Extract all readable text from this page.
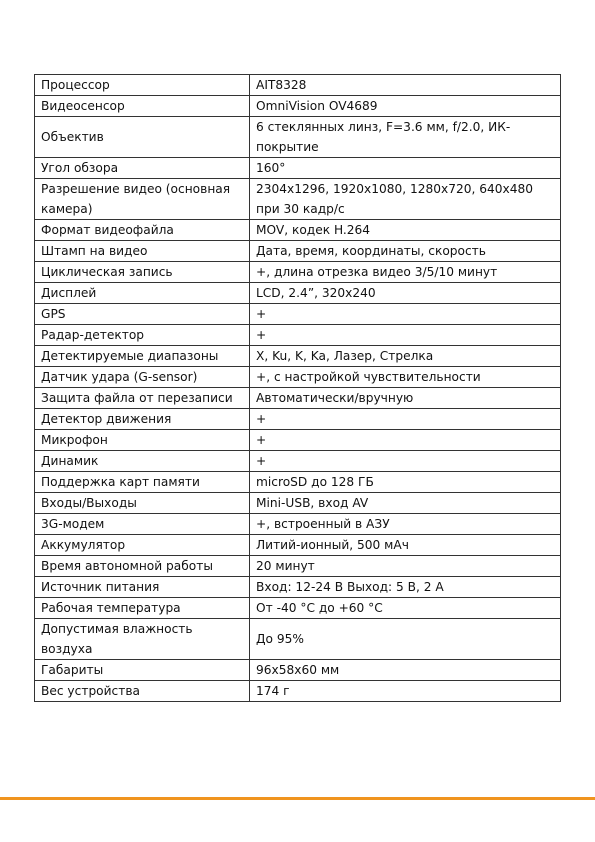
Процессор	AIT8328
Видеосенсор	OmniVision OV4689
Объектив	6 стеклянных линз, F=3.6 мм, f/2.0, ИК-покрытие
Угол обзора	160°
Разрешение видео (основная камера)	2304x1296, 1920x1080, 1280x720, 640x480 при 30 кадр/с
Формат видеофайла	MOV, кодек H.264
Штамп на видео	Дата, время, координаты, скорость
Циклическая запись	+, длина отрезка видео 3/5/10 минут
Дисплей	LCD, 2.4”, 320x240
GPS	+
Радар-детектор	+
Детектируемые диапазоны	X, Ku, K, Ka, Лазер, Стрелка
Датчик удара (G-sensor)	+, с настройкой чувствительности
Защита файла от перезаписи	Автоматически/вручную
Детектор движения	+
Микрофон	+
Динамик	+
Поддержка карт памяти	microSD до 128 ГБ
Входы/Выходы	Mini-USB, вход AV
3G-модем	+, встроенный в АЗУ
Аккумулятор	Литий-ионный, 500 мАч
Время автономной работы	20 минут
Источник питания	Вход: 12-24 В Выход: 5 В, 2 А
Рабочая температура	От -40 °С до +60 °С
Допустимая влажность воздуха	До 95%
Габариты	96x58x60 мм
Вес устройства	174 г
